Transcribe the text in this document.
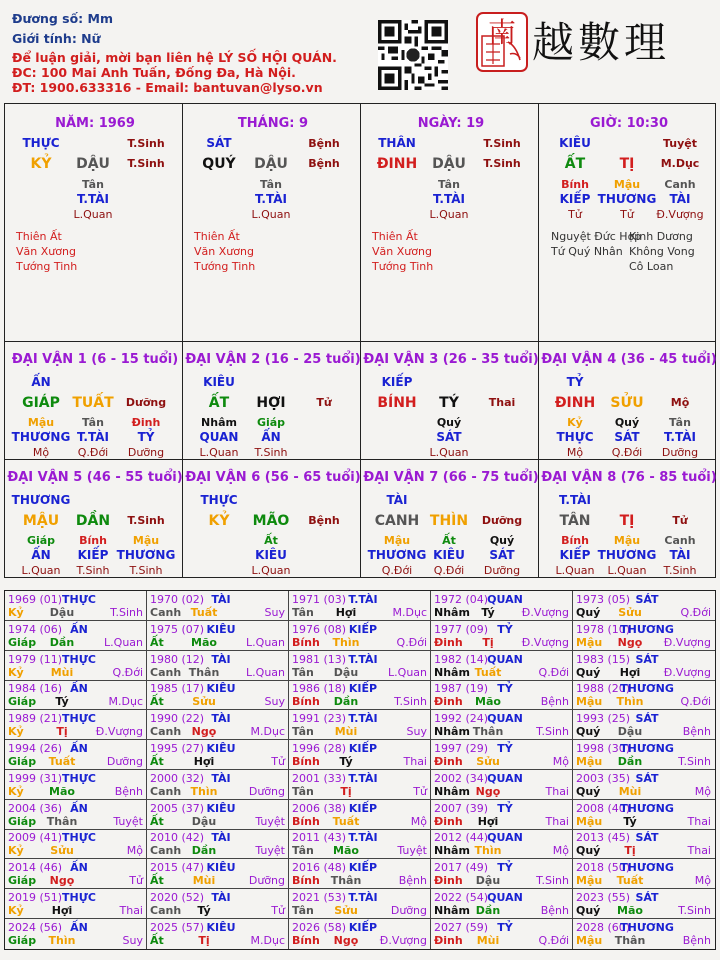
Đương số: Mm
Giới tính: Nữ
Để luận giải, mời bạn liên hệ LÝ SỐ HỘI QUÁN.
ĐC: 100 Mai Anh Tuấn, Đống Đa, Hà Nội.
ĐT: 1900.633316 - Email: bantuvan@lyso.vn
南 越數理
NĂM: 1969
THỰC	T.Sinh
KỶ DẬU T.Sinh
Tân
T.TÀI
L.Quan
Thiên Ất
Văn Xương
Tướng Tinh
THÁNG: 9
SÁT	Bệnh
QUÝ DẬU Bệnh
Tân
T.TÀI
L.Quan
Thiên Ất
Văn Xương
Tướng Tinh
NGÀY: 19
THÂN	T.Sinh
ĐINH DẬU T.Sinh
Tân
T.TÀI
L.Quan
Thiên Ất
Văn Xương
Tướng Tinh
GIỜ: 10:30
KIÊU	Tuyệt
ẤT TỊ M.Dục
Bính
KIẾP
Tử
Mậu
THƯƠNG
Tử
Canh
TÀI
Đ.Vượng
Nguyệt Đức Hợp
Tứ Quý Nhân
Kinh Dương
Không Vong
Cô Loan
ĐẠI VẬN 1 (6 - 15 tuổi)
ẤN
GIÁP TUẤT Dưỡng
Mậu
THƯƠNG
Mộ
Tân
T.TÀI
Q.Đới
Đinh
TỶ
Dưỡng
ĐẠI VẬN 2 (16 - 25 tuổi)
KIÊU
ẤT HỢI	Tử
Nhâm
QUAN
L.Quan
Giáp
ẤN
T.Sinh
ĐẠI VẬN 3 (26 - 35 tuổi)
KIẾP
BÍNH TÝ	Thai
Quý
SÁT
L.Quan
ĐẠI VẬN 4 (36 - 45 tuổi)
TỶ
ĐINH SỬU Mộ
Kỷ
THỰC
Mộ
Quý
SÁT
Q.Đới
Tân
T.TÀI
Dưỡng
ĐẠI VẬN 5 (46 - 55 tuổi)
THƯƠNG
MẬU DẦN T.Sinh
Giáp
ẤN
L.Quan
Bính
KIẾP
T.Sinh
Mậu
THƯƠNG
T.Sinh
ĐẠI VẬN 6 (56 - 65 tuổi)
THỰC
KỶ MÃO Bệnh
Ất
KIÊU
L.Quan
ĐẠI VẬN 7 (66 - 75 tuổi)
TÀI
CANH THÌN Dưỡng
Mậu
THƯƠNG
Q.Đới
Ất
KIÊU
Q.Đới
Quý
SÁT
Dưỡng
ĐẠI VẬN 8 (76 - 85 tuổi)
T.TÀI
TÂN TỊ	Tử
Bính
KIẾP
L.Quan
Mậu
THƯƠNG
L.Quan
Canh
TÀI
T.Sinh
1969 (01) THỰC
Kỷ Dậu	T.Sinh
1970 (02) TÀI
Canh Tuất	Suy
1971 (03) T.TÀI
Tân Hợi	M.Dục
1972 (04) QUAN
Nhâm Tý Đ.Vượng
1973 (05) SÁT
Quý Sửu	Q.Đới
1974 (06) ẤN
Giáp Dần	L.Quan
1975 (07) KIÊU
Ất Mão	L.Quan
1976 (08) KIẾP
Bính Thìn	Q.Đới
1977 (09) TỶ
Đinh Tị	Đ.Vượng
1978 (10)
THƯƠNG
Mậu Ngọ Đ.Vượng
1979 (11) THỰC
Kỷ Mùi	Q.Đới
1980 (12) TÀI
Canh Thân L.Quan
1981 (13) T.TÀI
Tân Dậu	L.Quan
1982 (14) QUAN
Nhâm Tuất	Q.Đới
1983 (15) SÁT
Quý Hợi Đ.Vượng
1984 (16) ẤN
Giáp Tý	M.Dục
1985 (17) KIÊU
Ất	Sửu	Suy
1986 (18) KIẾP
Bính Dần	T.Sinh
1987 (19) TỶ
Đinh Mão	Bệnh
1988 (20)
THƯƠNG
Mậu Thìn	Q.Đới
1989 (21) THỰC
Kỷ	Tị	Đ.Vượng
1990 (22) TÀI
Canh Ngọ	M.Dục
1991 (23) T.TÀI
Tân Mùi	Suy
1992 (24) QUAN
Nhâm Thân	T.Sinh
1993 (25) SÁT
Quý Dậu	Bệnh
1994 (26) ẤN
Giáp Tuất	Dưỡng
1995 (27) KIÊU
Ất	Hợi	Tử
1996 (28) KIẾP
Bính Tý	Thai
1997 (29) TỶ
Đinh Sửu	Mộ
1998 (30)
THƯƠNG
Mậu Dần	T.Sinh
1999 (31) THỰC
Kỷ Mão	Bệnh
2000 (32) TÀI
Canh Thìn	Dưỡng
2001 (33) T.TÀI
Tân Tị	Tử
2002 (34) QUAN
Nhâm Ngọ	Thai
2003 (35) SÁT
Quý Mùi	Mộ
2004 (36) ẤN
Giáp Thân	Tuyệt
2005 (37) KIÊU
Ất	Dậu	Tuyệt
2006 (38) KIẾP
Bính Tuất	Mộ
2007 (39) TỶ
Đinh Hợi	Thai
2008 (40)
THƯƠNG
Mậu Tý	Thai
2009 (41) THỰC
Kỷ Sửu	Mộ
2010 (42) TÀI
Canh Dần	Tuyệt
2011 (43) T.TÀI
Tân Mão	Tuyệt
2012 (44) QUAN
Nhâm Thìn	Mộ
2013 (45) SÁT
Quý Tị	Thai
2014 (46) ẤN
Giáp Ngọ	Tử
2015 (47) KIÊU
Ất	Mùi	Dưỡng
2016 (48) KIẾP
Bính Thân	Bệnh
2017 (49) TỶ
Đinh Dậu	T.Sinh
2018 (50)
THƯƠNG
Mậu Tuất	Mộ
2019 (51) THỰC
Kỷ	Hợi	Thai
2020 (52) TÀI
Canh Tý	Tử
2021 (53) T.TÀI
Tân Sửu	Dưỡng
2022 (54) QUAN
Nhâm Dần	Bệnh
2023 (55) SÁT
Quý Mão	T.Sinh
2024 (56) ẤN
Giáp Thìn	Suy
2025 (57) KIÊU
Ất	Tị	M.Dục
2026 (58) KIẾP
Bính Ngọ Đ.Vượng
2027 (59) TỶ
Đinh Mùi	Q.Đới
2028 (60)
THƯƠNG
Mậu Thân	Bệnh
